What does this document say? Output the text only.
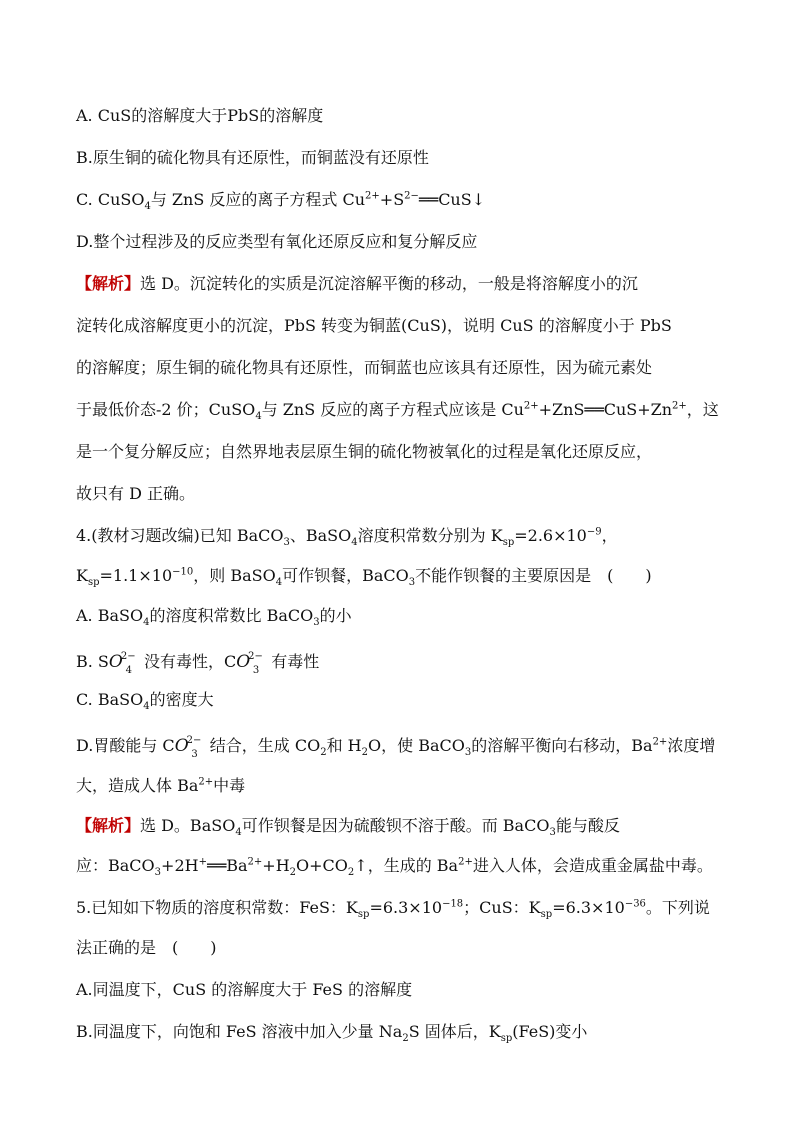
A. CuS的溶解度大于PbS的溶解度
B.原生铜的硫化物具有还原性，而铜蓝没有还原性
C. CuSO$_4$与 ZnS 反应的离子方程式 $Cu^{2+}+S^{2-}══CuS↓$
D.整个过程涉及的反应类型有氧化还原反应和复分解反应
【解析】选 D。沉淀转化的实质是沉淀溶解平衡的移动，一般是将溶解度小的沉
淀转化成溶解度更小的沉淀，PbS 转变为铜蓝(CuS)，说明 CuS 的溶解度小于 PbS
的溶解度；原生铜的硫化物具有还原性，而铜蓝也应该具有还原性，因为硫元素处
于最低价态-2 价；CuSO$_4$与 ZnS 反应的离子方程式应该是 $Cu^{2+}+ZnS══CuS+Zn^{2+}$，这
是一个复分解反应；自然界地表层原生铜的硫化物被氧化的过程是氧化还原反应，
故只有 D 正确。
4.(教材习题改编)已知 BaCO$_3$、BaSO$_4$溶度积常数分别为 $K_{sp}=2.6\times 10^{-9}$，
$K_{sp}=1.1\times 10^{-10}$，则 BaSO$_4$可作钡餐，BaCO$_3$不能作钡餐的主要原因是　(　　)
A. BaSO$_4$的溶度积常数比 BaCO$_3$的小
B. $SO^{2-}_4$ 没有毒性，$CO^{2-}_3$ 有毒性
C. BaSO$_4$的密度大
D.胃酸能与 $CO^{2-}_3$ 结合，生成 $CO_2$和 $H_2O$，使 BaCO$_3$的溶解平衡向右移动，$Ba^{2+}$浓度增
大，造成人体 $Ba^{2+}$中毒
【解析】选 D。BaSO$_4$可作钡餐是因为硫酸钡不溶于酸。而 BaCO$_3$能与酸反
应：$BaCO_3+2H^+══Ba^{2+}+H_2O+CO_2↑$，生成的 $Ba^{2+}$进入人体，会造成重金属盐中毒。
5.已知如下物质的溶度积常数：FeS：$K_{sp}=6.3\times 10^{-18}$；CuS：$K_{sp}=6.3\times 10^{-36}$。下列说
法正确的是　(　　)
A.同温度下，CuS 的溶解度大于 FeS 的溶解度
B.同温度下，向饱和 FeS 溶液中加入少量 $Na_2S$ 固体后，$K_{sp}(FeS)$变小
